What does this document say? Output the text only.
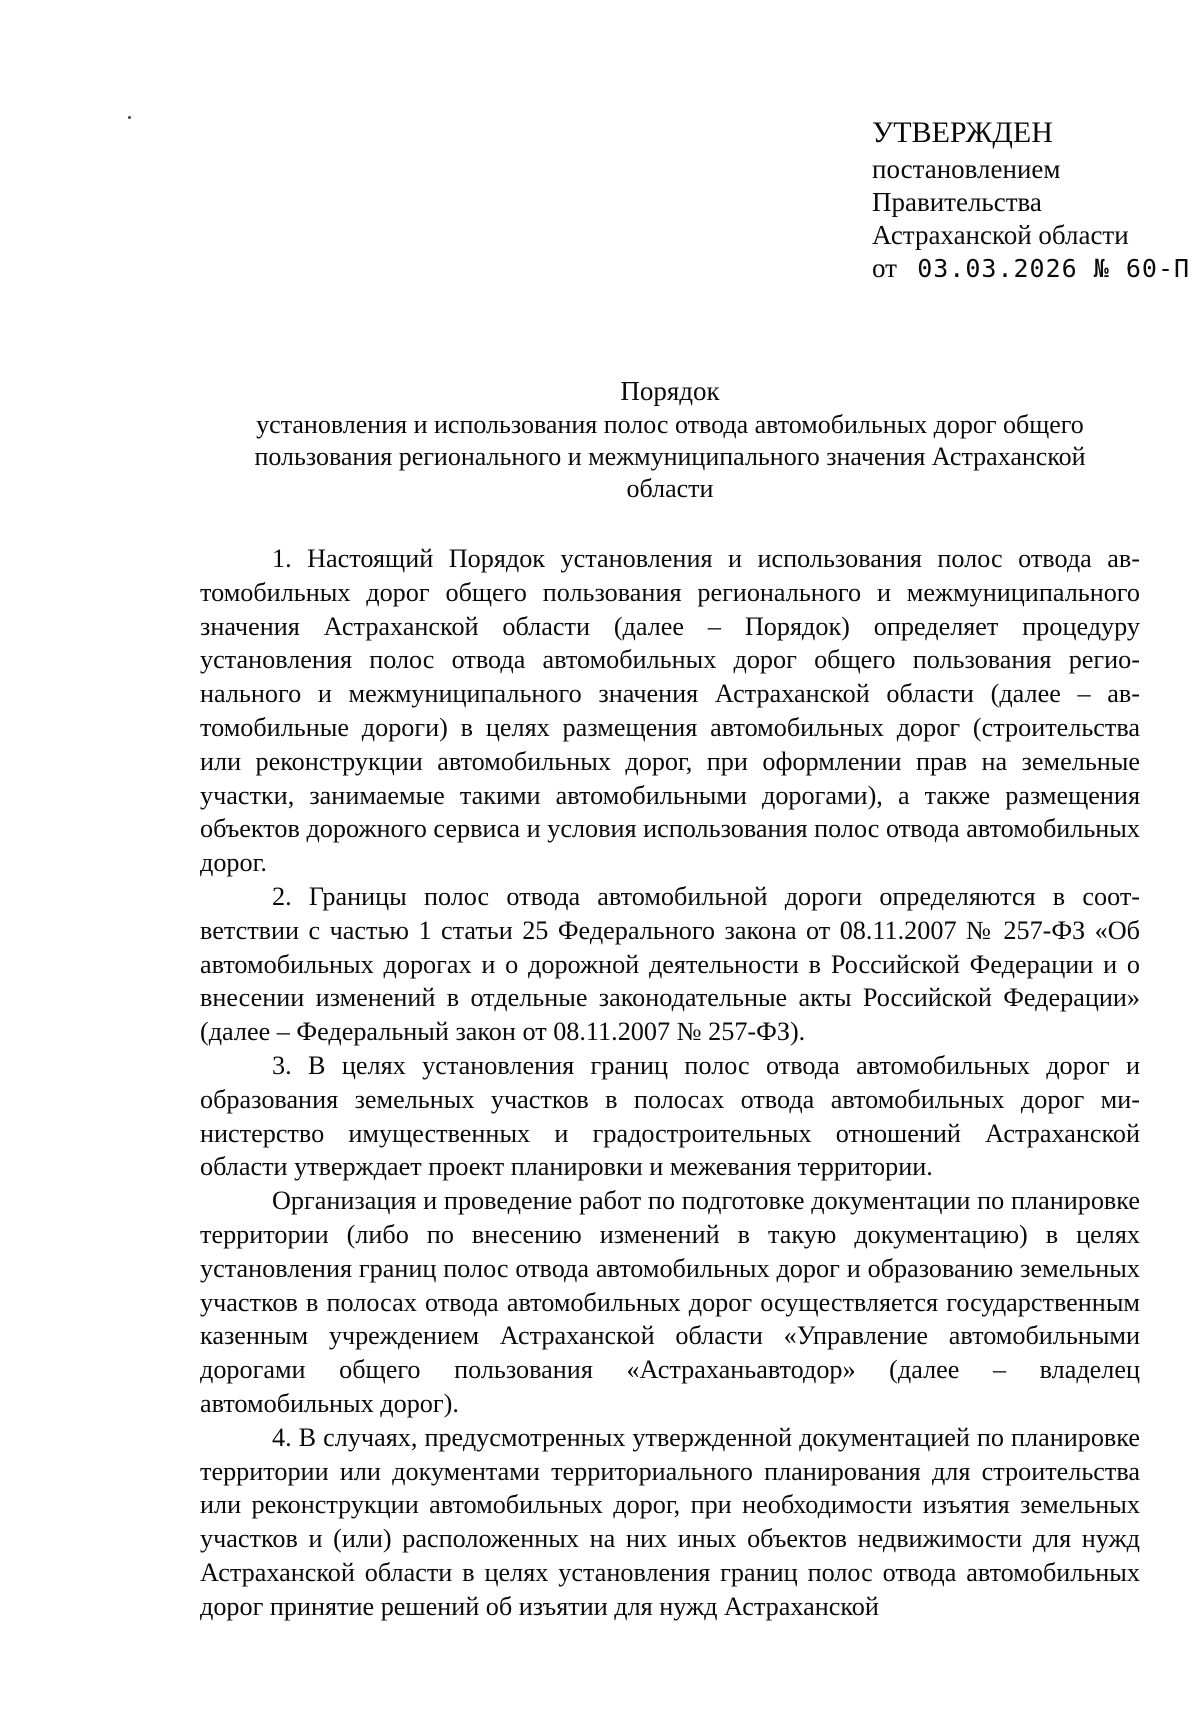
УТВЕРЖДЕН
постановлением
Правительства
Астраханской области
от 03.03.2026 № 60-П
Порядок
установления и использования полос отвода автомобильных дорог общего
пользования регионального и межмуниципального значения Астраханской
области

1. Настоящий Порядок установления и использования полос отвода автомобильных дорог общего пользования регионального и межмуниципального значения Астраханской области (далее – Порядок) определяет процедуру установления полос отвода автомобильных дорог общего пользования регионального и межмуниципального значения Астраханской области (далее – автомобильные дороги) в целях размещения автомобильных дорог (строительства или реконструкции автомобильных дорог, при оформлении прав на земельные участки, занимаемые такими автомобильными дорогами), а также размещения объектов дорожного сервиса и условия использования полос отвода автомобильных дорог.

2. Границы полос отвода автомобильной дороги определяются в соответствии с частью 1 статьи 25 Федерального закона от 08.11.2007 № 257-ФЗ «Об автомобильных дорогах и о дорожной деятельности в Российской Федерации и о внесении изменений в отдельные законодательные акты Российской Федерации» (далее – Федеральный закон от 08.11.2007 № 257-ФЗ).

3. В целях установления границ полос отвода автомобильных дорог и образования земельных участков в полосах отвода автомобильных дорог министерство имущественных и градостроительных отношений Астраханской области утверждает проект планировки и межевания территории.

Организация и проведение работ по подготовке документации по планировке территории (либо по внесению изменений в такую документацию) в целях установления границ полос отвода автомобильных дорог и образованию земельных участков в полосах отвода автомобильных дорог осуществляется государственным казенным учреждением Астраханской области «Управление автомобильными дорогами общего пользования «Астраханьавтодор» (далее – владелец автомобильных дорог).

4. В случаях, предусмотренных утвержденной документацией по планировке территории или документами территориального планирования для строительства или реконструкции автомобильных дорог, при необходимости изъятия земельных участков и (или) расположенных на них иных объектов недвижимости для нужд Астраханской области в целях установления границ полос отвода автомобильных дорог принятие решений об изъятии для нужд Астраханской
